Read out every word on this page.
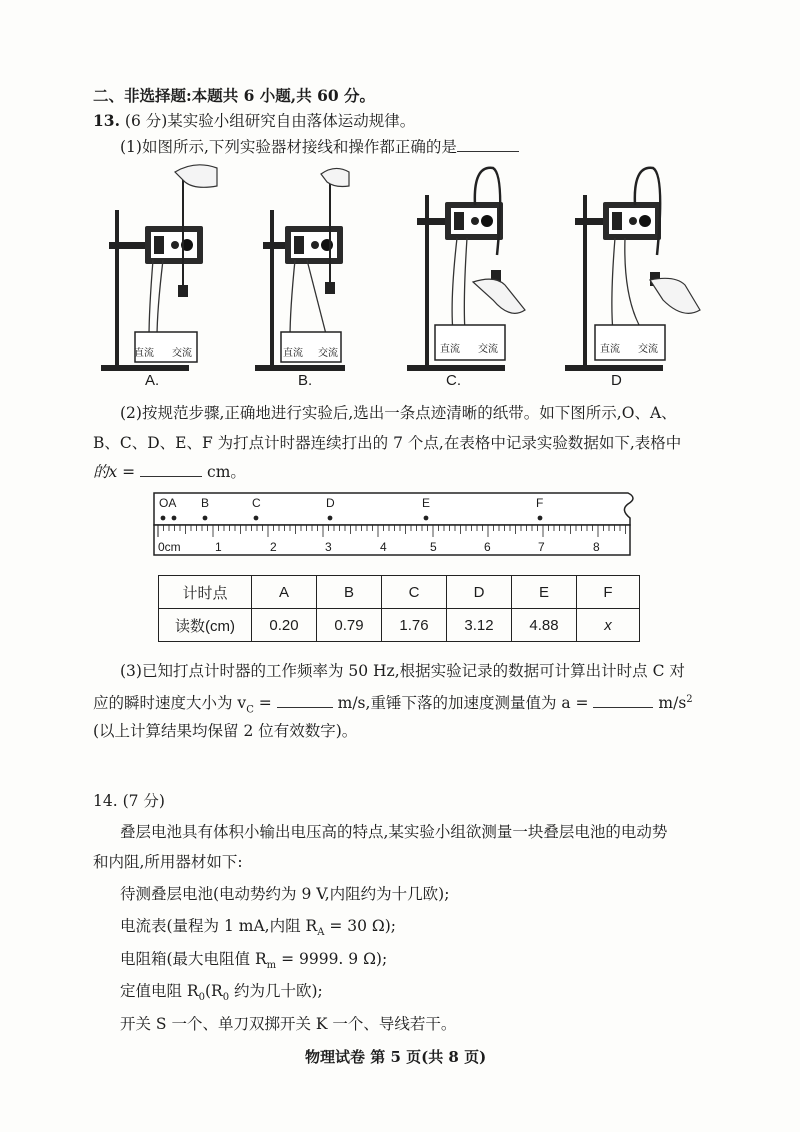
二、非选择题:本题共 6 小题,共 60 分。
13. (6 分)某实验小组研究自由落体运动规律。
(1)如图所示,下列实验器材接线和操作都正确的是
直流 交流	直流 交流	直流 交流	直流 交流
A.	B.	C.	D
(2)按规范步骤,正确地进行实验后,选出一条点迹清晰的纸带。如下图所示,O、A、
B、C、D、E、F 为打点计时器连续打出的 7 个点,在表格中记录实验数据如下,表格中
的x =	cm。
OA B	C	D	E	F
0cm	1	2	3	4	5	6	7	8
计时点	A	B	C	D	E	F
读数(cm)	0.20	0.79	1.76	3.12	4.88	x
(3)已知打点计时器的工作频率为 50 Hz,根据实验记录的数据可计算出计时点 C 对
应的瞬时速度大小为 $v_C$ =	m/s,重锤下落的加速度测量值为 a =	$m/s^2$
(以上计算结果均保留 2 位有效数字)。
14. (7 分)
叠层电池具有体积小输出电压高的特点,某实验小组欲测量一块叠层电池的电动势
和内阻,所用器材如下:
待测叠层电池(电动势约为 9 V,内阻约为十几欧);
电流表(量程为 1 mA,内阻 $R_A = 30$ Ω);
电阻箱(最大电阻值 $R_m = 9999$. 9 Ω);
定值电阻 $R_0(R_0$ 约为几十欧);
开关 S 一个、单刀双掷开关 K 一个、导线若干。
物理试卷 第 5 页(共 8 页)
